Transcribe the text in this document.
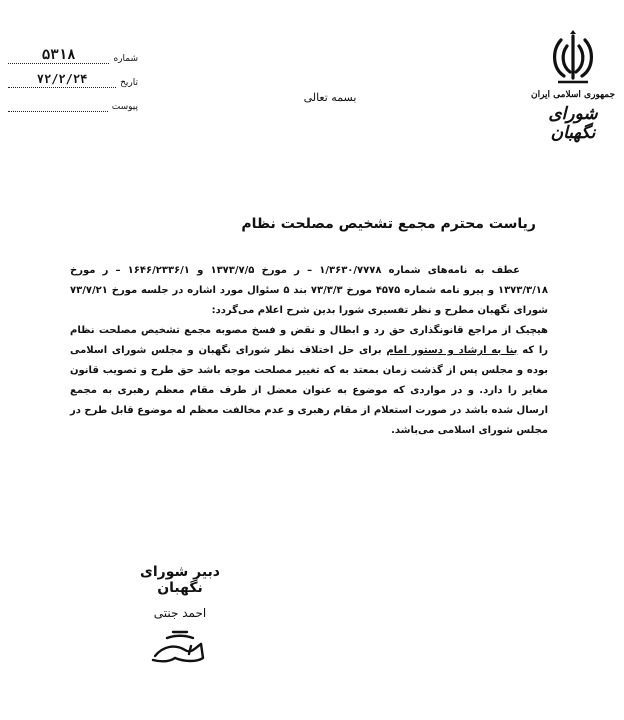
شماره
۵۳۱۸
تاریخ
۷۲/۲/۲۴
پیوست
بسمه تعالی	جمهوری اسلامی ایران
شورای
نگهبان
ریاست محترم مجمع تشخیص مصلحت نظام

عطف به نامه‌های شماره ۱/۳۶۳۰/۷۷۷۸ – ر مورخ ۱۳۷۳/۷/۵ و ۱۶۴۶/۲۳۳۶/۱ – ر مورخ ۱۳۷۳/۳/۱۸ و پیرو نامه شماره ۴۵۷۵ مورخ ۷۳/۳/۳ بند ۵ سئوال مورد اشاره در جلسه مورخ ۷۳/۷/۲۱ شورای نگهبان مطرح و نظر تفسیری شورا بدین شرح اعلام می‌گردد:

هیچیک از مراجع قانونگذاری حق رد و ابطال و نقض و فسخ مصوبه مجمع تشخیص مصلحت نظام را که بنا به ارشاد و دستور امام برای حل اختلاف نظر شورای نگهبان و مجلس شورای اسلامی بوده و مجلس پس از گذشت زمان بمعتد به که تغییر مصلحت موجه باشد حق طرح و تصویب قانون مغایر را دارد. و در مواردی که موضوع به عنوان معضل از طرف مقام معظم رهبری به مجمع ارسال شده باشد در صورت استعلام از مقام رهبری و عدم مخالفت معظم له موضوع قابل طرح در مجلس شورای اسلامی می‌باشد.

دبیر شورای نگهبان
احمد جنتی
